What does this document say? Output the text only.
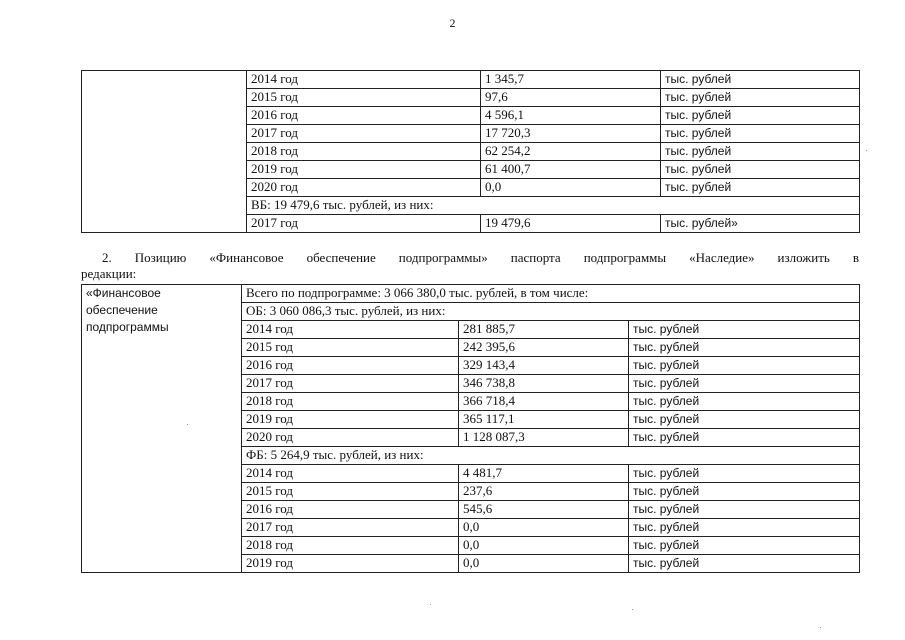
2
	2014 год	1 345,7	тыс. рублей
	2015 год	97,6	тыс. рублей
	2016 год	4 596,1	тыс. рублей
	2017 год	17 720,3	тыс. рублей
	2018 год	62 254,2	тыс. рублей
	2019 год	61 400,7	тыс. рублей
	2020 год	0,0	тыс. рублей
	ВБ: 19 479,6 тыс. рублей, из них:		
	2017 год	19 479,6	тыс. рублей»
2. Позицию «Финансовое обеспечение подпрограммы» паспорта подпрограммы «Наследие» изложить в
редакции:
«Финансовое
обеспечение
подпрограммы	Всего по подпрограмме: 3 066 380,0 тыс. рублей, в том числе:		
	ОБ: 3 060 086,3 тыс. рублей, из них:		
	2014 год	281 885,7	тыс. рублей
	2015 год	242 395,6	тыс. рублей
	2016 год	329 143,4	тыс. рублей
	2017 год	346 738,8	тыс. рублей
	2018 год	366 718,4	тыс. рублей
	2019 год	365 117,1	тыс. рублей
	2020 год	1 128 087,3	тыс. рублей
	ФБ: 5 264,9 тыс. рублей, из них:		
	2014 год	4 481,7	тыс. рублей
	2015 год	237,6	тыс. рублей
	2016 год	545,6	тыс. рублей
	2017 год	0,0	тыс. рублей
	2018 год	0,0	тыс. рублей
	2019 год	0,0	тыс. рублей
